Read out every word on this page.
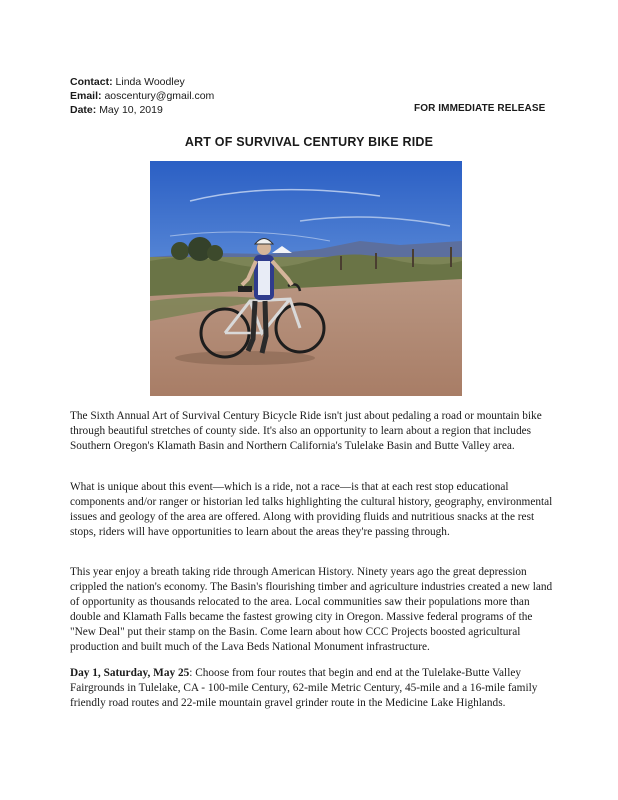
Contact: Linda Woodley
Email: aoscentury@gmail.com
Date: May 10, 2019	FOR IMMEDIATE RELEASE
ART OF SURVIVAL CENTURY BIKE RIDE

The Sixth Annual Art of Survival Century Bicycle Ride isn't just about pedaling a road or mountain bike through beautiful stretches of county side. It's also an opportunity to learn about a region that includes Southern Oregon's Klamath Basin and Northern California's Tulelake Basin and Butte Valley area.

What is unique about this event—which is a ride, not a race—is that at each rest stop educational components and/or ranger or historian led talks highlighting the cultural history, geography, environmental issues and geology of the area are offered. Along with providing fluids and nutritious snacks at the rest stops, riders will have opportunities to learn about the areas they're passing through.

This year enjoy a breath taking ride through American History. Ninety years ago the great depression crippled the nation's economy. The Basin's flourishing timber and agriculture industries created a new land of opportunity as thousands relocated to the area. Local communities saw their populations more than double and Klamath Falls became the fastest growing city in Oregon. Massive federal programs of the "New Deal" put their stamp on the Basin. Come learn about how CCC Projects boosted agricultural production and built much of the Lava Beds National Monument infrastructure.

Day 1, Saturday, May 25: Choose from four routes that begin and end at the Tulelake-Butte Valley Fairgrounds in Tulelake, CA - 100-mile Century, 62-mile Metric Century, 45-mile and a 16-mile family friendly road routes and 22-mile mountain gravel grinder route in the Medicine Lake Highlands.
